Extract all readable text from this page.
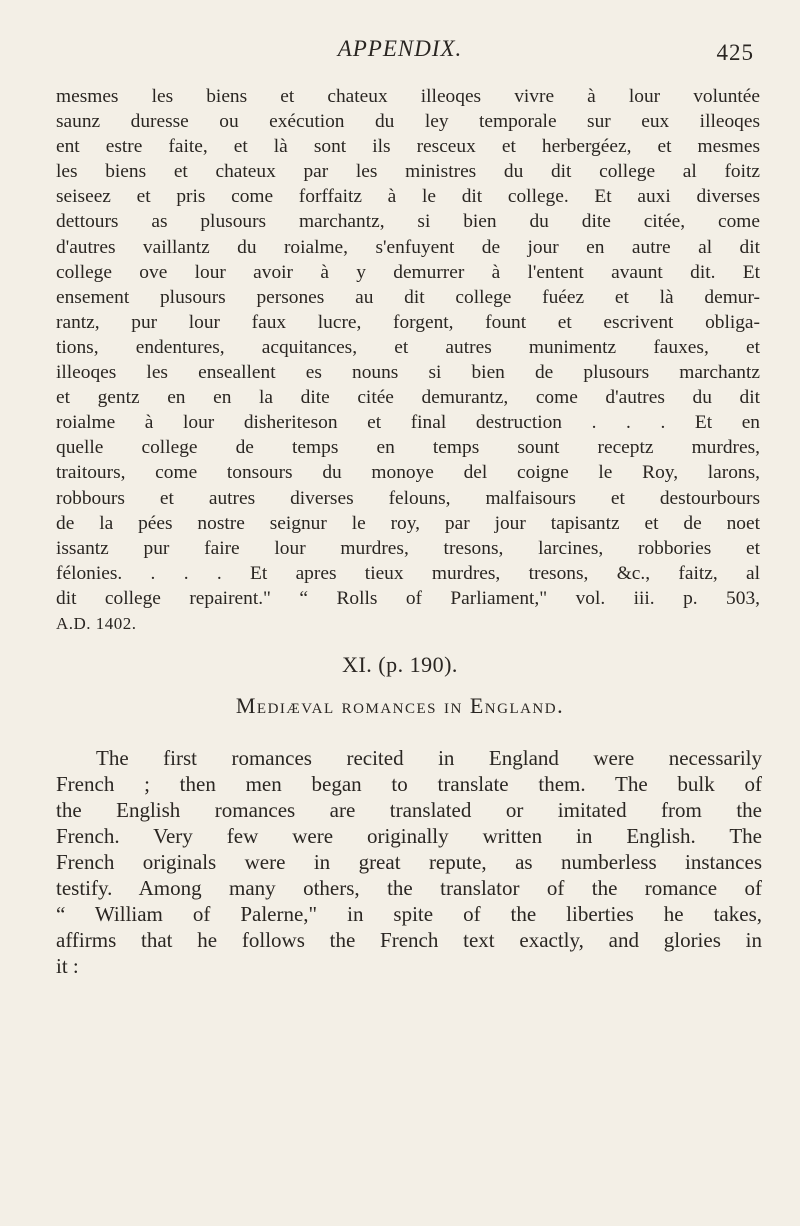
APPENDIX.	425
mesmes les biens et chateux illeoqes vivre à lour voluntée
saunz duresse ou exécution du ley temporale sur eux illeoqes
ent estre faite, et là sont ils resceux et herbergéez, et mesmes
les biens et chateux par les ministres du dit college al foitz
seiseez et pris come forffaitz à le dit college. Et auxi diverses
dettours as plusours marchantz, si bien du dite citée, come
d'autres vaillantz du roialme, s'enfuyent de jour en autre al dit
college ove lour avoir à y demurrer à l'entent avaunt dit. Et
ensement plusours persones au dit college fuéez et là demur-
rantz, pur lour faux lucre, forgent, fount et escrivent obliga-
tions, endentures, acquitances, et autres munimentz fauxes, et
illeoqes les enseallent es nouns si bien de plusours marchantz
et gentz en en la dite citée demurantz, come d'autres du dit
roialme à lour disheriteson et final destruction . . . Et en
quelle college de temps en temps sount receptz murdres,
traitours, come tonsours du monoye del coigne le Roy, larons,
robbours et autres diverses felouns, malfaisours et destourbours
de la pées nostre seignur le roy, par jour tapisantz et de noet
issantz pur faire lour murdres, tresons, larcines, robbories et
félonies. . . . Et apres tieux murdres, tresons, &c., faitz, al
dit college repairent." “ Rolls of Parliament," vol. iii. p. 503,
A.D. 1402.
XI. (p. 190).
Mediæval romances in England.
The first romances recited in England were necessarily
French ; then men began to translate them. The bulk of
the English romances are translated or imitated from the
French. Very few were originally written in English. The
French originals were in great repute, as numberless instances
testify. Among many others, the translator of the romance of
“ William of Palerne," in spite of the liberties he takes,
affirms that he follows the French text exactly, and glories in
it :
